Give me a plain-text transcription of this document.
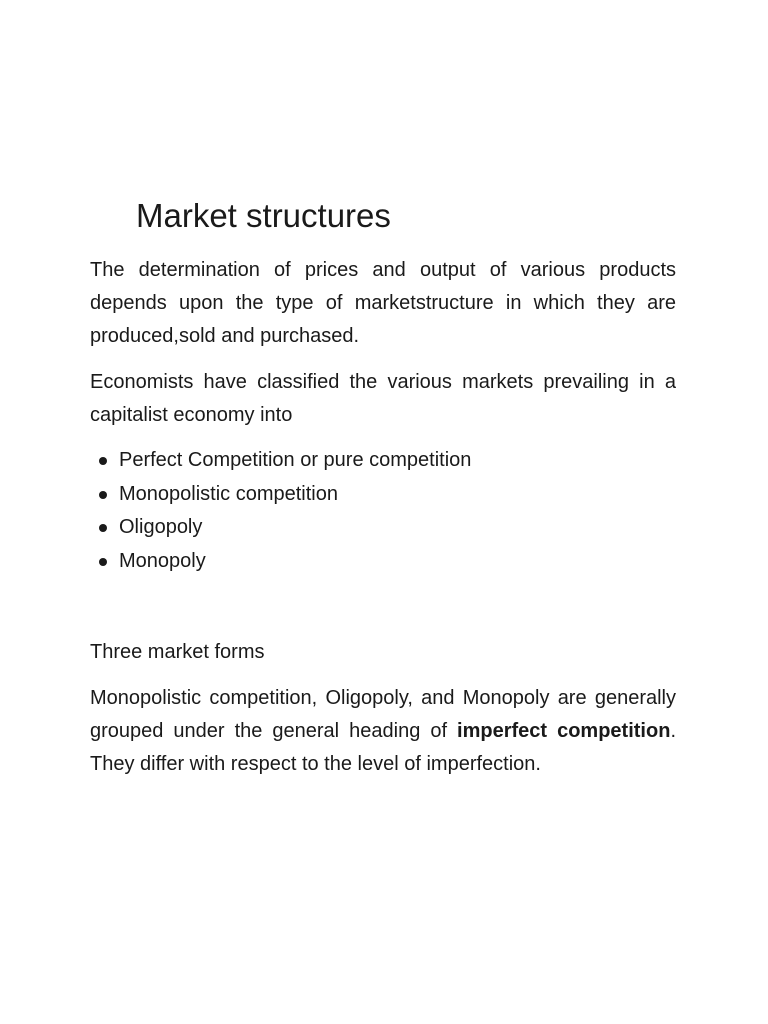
Market structures

The determination of prices and output of various products depends upon the type of marketstructure in which they are produced,sold and purchased.

Economists have classified the various markets prevailing in a capitalist economy into

Perfect Competition or pure competition
Monopolistic competition
Oligopoly
Monopoly

Three market forms

Monopolistic competition, Oligopoly, and Monopoly are generally grouped under the general heading of imperfect competition. They differ with respect to the level of imperfection.
